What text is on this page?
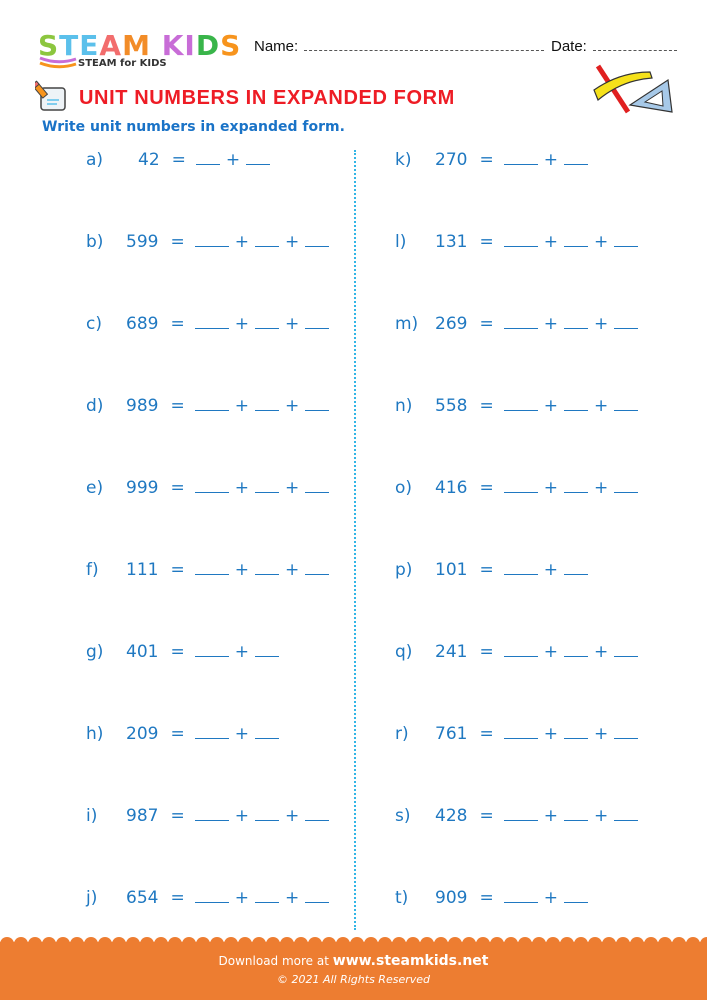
STEAM KIDS
STEAM for KIDS
Name:	Date:
UNIT NUMBERS IN EXPANDED FORM
Write unit numbers in expanded form.
a)	42 = +
b)	599 =	+ +
c)	689 =	+ +
d)	989 =	+ +
e)	999 =	+ +
f)	111 =	+ +
g)	401 =	+
h)	209 =	+
i)	987 =	+ +
j)	654 =	+ +
k)	270 =	+
l)	131 =	+ +
m) 269 =	+ +
n)	558 =	+ +
o)	416 =	+ +
p)	101 =	+
q)	241 =	+ +
r)	761 =	+ +
s)	428 =	+ +
t)	909 =	+
Download more at www.steamkids.net
© 2021 All Rights Reserved
